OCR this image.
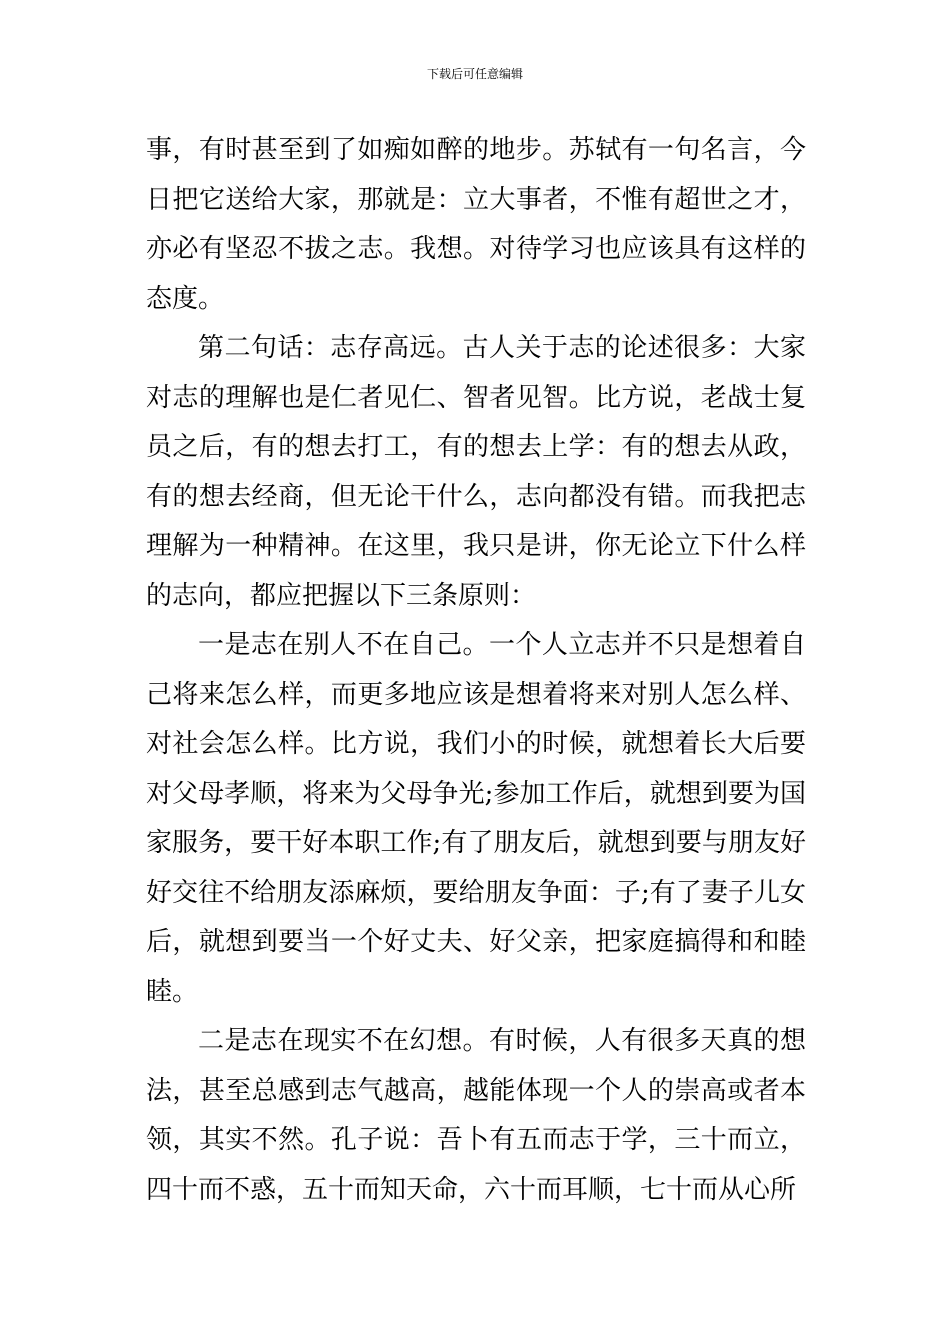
下载后可任意编辑

事，有时甚至到了如痴如醉的地步。苏轼有一句名言，今日把它送给大家，那就是：立大事者，不惟有超世之才，亦必有坚忍不拔之志。我想。对待学习也应该具有这样的态度。

第二句话：志存高远。古人关于志的论述很多：大家对志的理解也是仁者见仁、智者见智。比方说，老战士复员之后，有的想去打工，有的想去上学：有的想去从政，有的想去经商，但无论干什么，志向都没有错。而我把志理解为一种精神。在这里，我只是讲，你无论立下什么样的志向，都应把握以下三条原则：

一是志在别人不在自己。一个人立志并不只是想着自己将来怎么样，而更多地应该是想着将来对别人怎么样、对社会怎么样。比方说，我们小的时候，就想着长大后要对父母孝顺，将来为父母争光;参加工作后，就想到要为国家服务，要干好本职工作;有了朋友后，就想到要与朋友好好交往不给朋友添麻烦，要给朋友争面：子;有了妻子儿女后，就想到要当一个好丈夫、好父亲，把家庭搞得和和睦睦。

二是志在现实不在幻想。有时候，人有很多天真的想法，甚至总感到志气越高，越能体现一个人的崇高或者本领，其实不然。孔子说：吾卜有五而志于学，三十而立，四十而不惑，五十而知天命，六十而耳顺，七十而从心所
